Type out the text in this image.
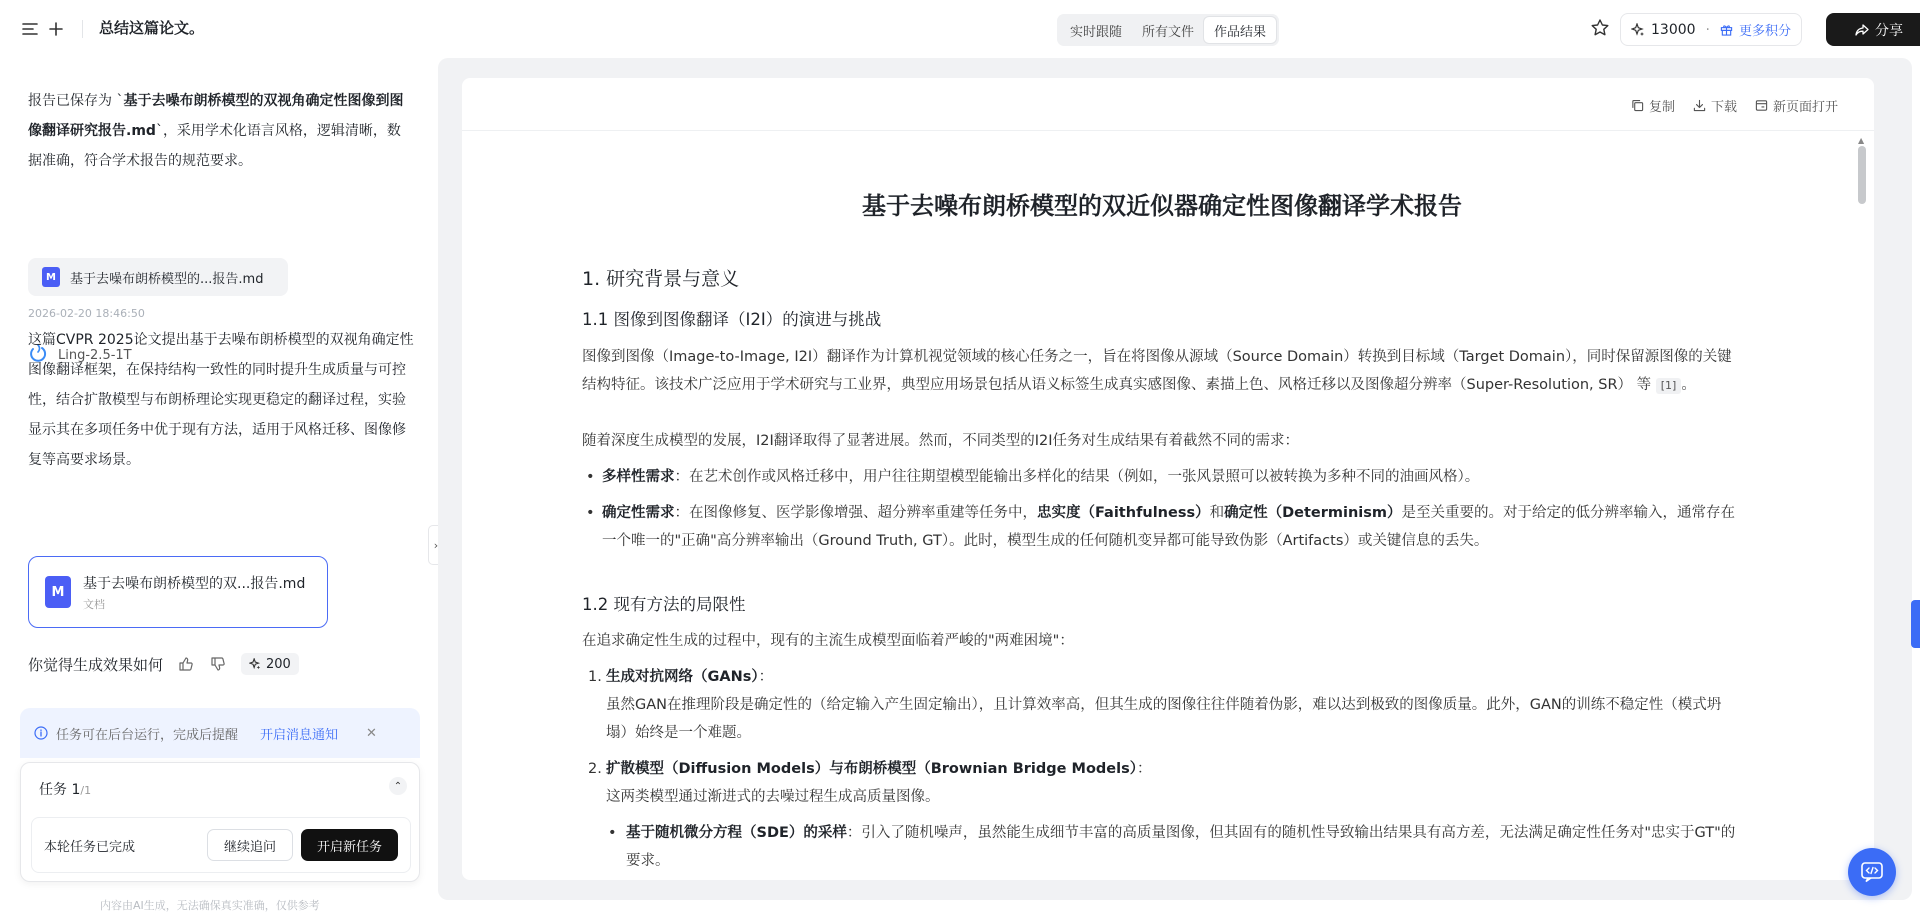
总结这篇论文。	实时跟随	所有文件	作品结果	13000 · 更多积分	分享
报告已保存为 `基于去噪布朗桥模型的双视角确定性图像到图像翻译研究报告.md`，采用学术化语言风格，逻辑清晰，数据准确，符合学术报告的规范要求。
M	基于去噪布朗桥模型的...报告.md
2026-02-20 18:46:50
Ling-2.5-1T
这篇CVPR 2025论文提出基于去噪布朗桥模型的双视角确定性图像翻译框架，在保持结构一致性的同时提升生成质量与可控性，结合扩散模型与布朗桥理论实现更稳定的翻译过程，实验显示其在多项任务中优于现有方法，适用于风格迁移、图像修复等高要求场景。
M
基于去噪布朗桥模型的双...报告.md
文档
你觉得生成效果如何	200
›
任务可在后台运行，完成后提醒 开启消息通知 ✕
任务 1/1	⌃
本轮任务已完成	继续追问	开启新任务
内容由AI生成，无法确保真实准确，仅供参考
复制	下载	新页面打开
▲
基于去噪布朗桥模型的双近似器确定性图像翻译学术报告
1. 研究背景与意义
1.1 图像到图像翻译（I2I）的演进与挑战
图像到图像（Image-to-Image, I2I）翻译作为计算机视觉领域的核心任务之一，旨在将图像从源域（Source Domain）转换到目标域（Target Domain），同时保留源图像的关键结构特征。该技术广泛应用于学术研究与工业界，典型应用场景包括从语义标签生成真实感图像、素描上色、风格迁移以及图像超分辨率（Super-Resolution, SR） 等 [1] 。
随着深度生成模型的发展，I2I翻译取得了显著进展。然而，不同类型的I2I任务对生成结果有着截然不同的需求：
• 多样性需求：在艺术创作或风格迁移中，用户往往期望模型能输出多样化的结果（例如，一张风景照可以被转换为多种不同的油画风格）。
• 确定性需求：在图像修复、医学影像增强、超分辨率重建等任务中，忠实度（Faithfulness）和确定性（Determinism）是至关重要的。对于给定的低分辨率输入，通常存在一个唯一的"正确"高分辨率输出（Ground Truth, GT）。此时，模型生成的任何随机变异都可能导致伪影（Artifacts）或关键信息的丢失。
1.2 现有方法的局限性
在追求确定性生成的过程中，现有的主流生成模型面临着严峻的"两难困境"：
1. 生成对抗网络（GANs）：
虽然GAN在推理阶段是确定性的（给定输入产生固定输出），且计算效率高，但其生成的图像往往伴随着伪影，难以达到极致的图像质量。此外，GAN的训练不稳定性（模式坍塌）始终是一个难题。
2. 扩散模型（Diffusion Models）与布朗桥模型（Brownian Bridge Models）：
这两类模型通过渐进式的去噪过程生成高质量图像。
• 基于随机微分方程（SDE）的采样：引入了随机噪声，虽然能生成细节丰富的高质量图像，但其固有的随机性导致输出结果具有高方差，无法满足确定性任务对"忠实于GT"的要求。
